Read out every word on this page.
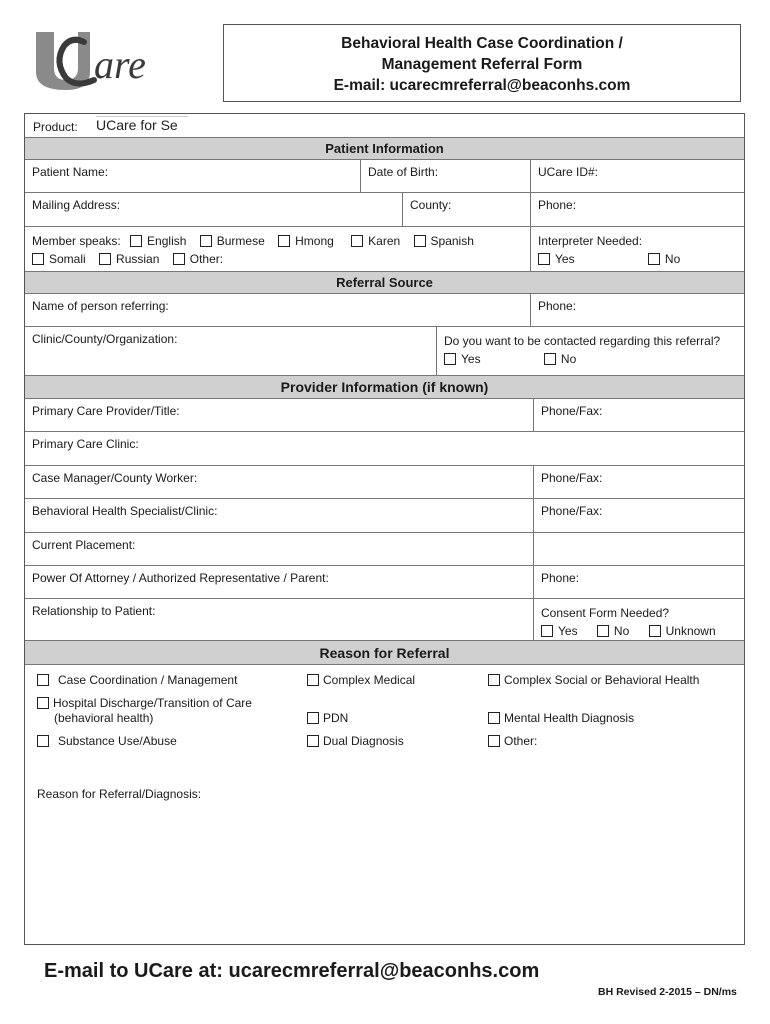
are	Behavioral Health Case Coordination /
Management Referral Form
E-mail: ucarecmreferral@beaconhs.com
Product:
UCare for Se
Patient Information
Patient Name:	Date of Birth:	UCare ID#:
Mailing Address:	County:	Phone:
Member speaks: English	Burmese	Hmong	Karen	Spanish
Somali	Russian	Other:
Interpreter Needed:
Yes	No
Referral Source
Name of person referring:	Phone:
Clinic/County/Organization:	Do you want to be contacted regarding this referral?
Yes	No
Provider Information (if known)
Primary Care Provider/Title:	Phone/Fax:
Primary Care Clinic:
Case Manager/County Worker:	Phone/Fax:
Behavioral Health Specialist/Clinic:	Phone/Fax:
Current Placement:
Power Of Attorney / Authorized Representative / Parent:	Phone:
Relationship to Patient:	Consent Form Needed?
Yes	No	Unknown
Reason for Referral
Case Coordination / Management	Complex Medical	Complex Social or Behavioral Health
Hospital Discharge/Transition of Care
(behavioral health)	PDN	Mental Health Diagnosis
Substance Use/Abuse	Dual Diagnosis	Other:
Reason for Referral/Diagnosis:
E-mail to UCare at: ucarecmreferral@beaconhs.com
BH Revised 2-2015 – DN/ms
